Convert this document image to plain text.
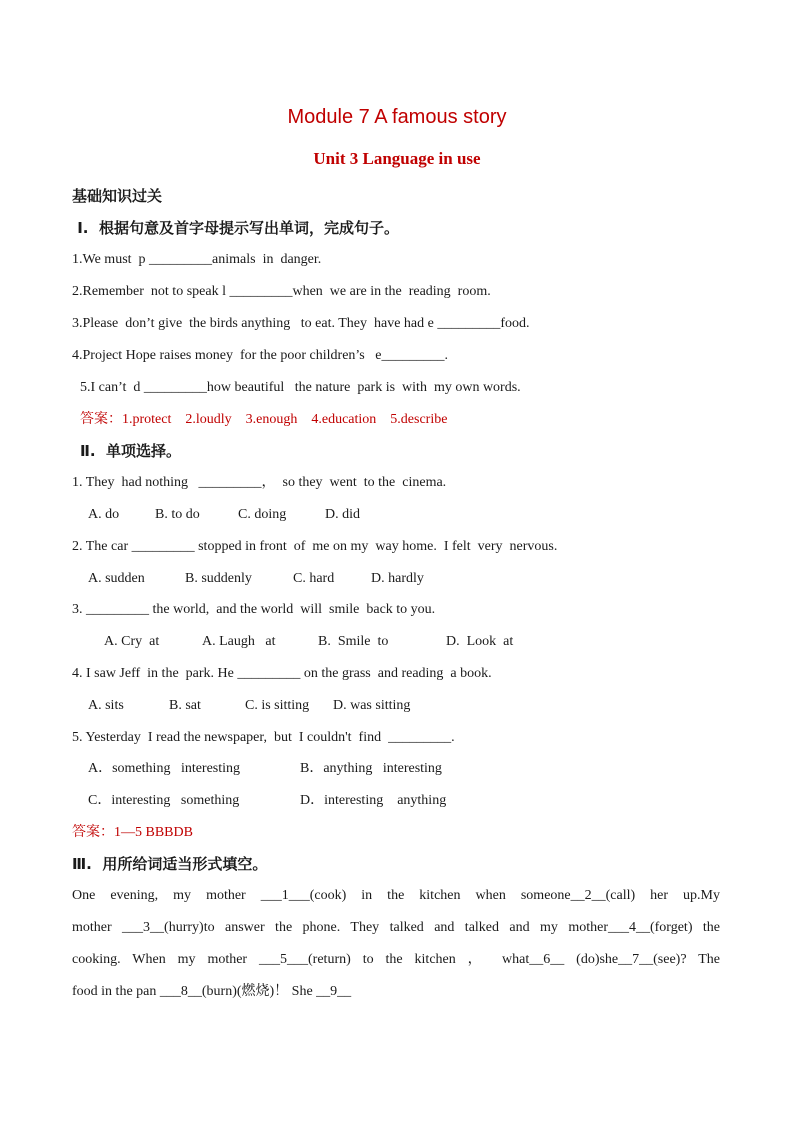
Module 7 A famous story
Unit 3 Language in use
基础知识过关
Ⅰ.  根据句意及首字母提示写出单词，完成句子。
1.We must  p _________animals  in  danger.
2.Remember  not to speak l _________when  we are in the  reading  room.
3.Please  don’t give  the birds anything   to eat. They  have had e _________food.
4.Project Hope raises money  for the poor children’s   e_________.
5.I can’t  d _________how beautiful   the nature  park is  with  my own words.
答案：1.protect    2.loudly    3.enough    4.education    5.describe
Ⅱ.  单项选择。
1. They  had nothing   _________，  so they  went  to the  cinema.
A. do	B. to do	C. doing	D. did
2. The car _________ stopped in front  of  me on my  way home.  I felt  very  nervous.
A. sudden	B. suddenly	C. hard	D. hardly
3. _________ the world,  and the world  will  smile  back to you.
A. Cry  at	A. Laugh   at	B.  Smile  to	D.  Look  at
4. I saw Jeff  in the  park. He _________ on the grass  and reading  a book.
A. sits	B. sat	C. is sitting D. was sitting
5. Yesterday  I read the newspaper,  but  I couldn't  find  _________.
A．something   interesting	B．anything   interesting
C．interesting   something	D．interesting    anything
答案：1—5 BBBDB
Ⅲ.  用所给词适当形式填空。
One evening, my mother ___1___(cook) in the kitchen when someone__2__(call) her up.My
mother ___3__(hurry)to answer the phone. They talked and talked and my mother___4__(forget) the
cooking. When my mother ___5___(return) to the kitchen ， what__6__ (do)she__7__(see)? The
food in the pan ___8__(burn)(燃烧)！ She __9__
